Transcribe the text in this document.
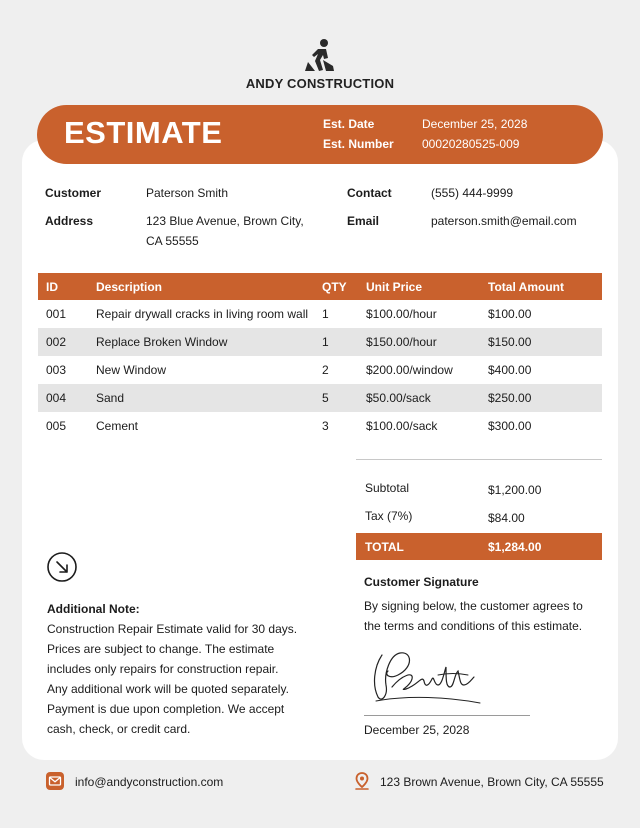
ANDY CONSTRUCTION
ESTIMATE	Est. Date	December 25, 2028
Est. Number 00020280525-009
Customer	Paterson Smith
Address	123 Blue Avenue, Brown City,
CA 55555
Contact	(555) 444-9999
Email	paterson.smith@email.com
ID	Description	QTY	Unit Price	Total Amount
001	Repair drywall cracks in living room wall	1	$100.00/hour	$100.00
002	Replace Broken Window	1	$150.00/hour	$150.00
003	New Window	2	$200.00/window	$400.00
004	Sand	5	$50.00/sack	$250.00
005	Cement	3	$100.00/sack	$300.00
Subtotal	$1,200.00
Tax (7%)	$84.00
TOTAL	$1,284.00
Additional Note:
Construction Repair Estimate valid for 30 days.
Prices are subject to change. The estimate
includes only repairs for construction repair.
Any additional work will be quoted separately.
Payment is due upon completion. We accept
cash, check, or credit card.
Customer Signature
By signing below, the customer agrees to
the terms and conditions of this estimate.
December 25, 2028
info@andyconstruction.com	123 Brown Avenue, Brown City, CA 55555
